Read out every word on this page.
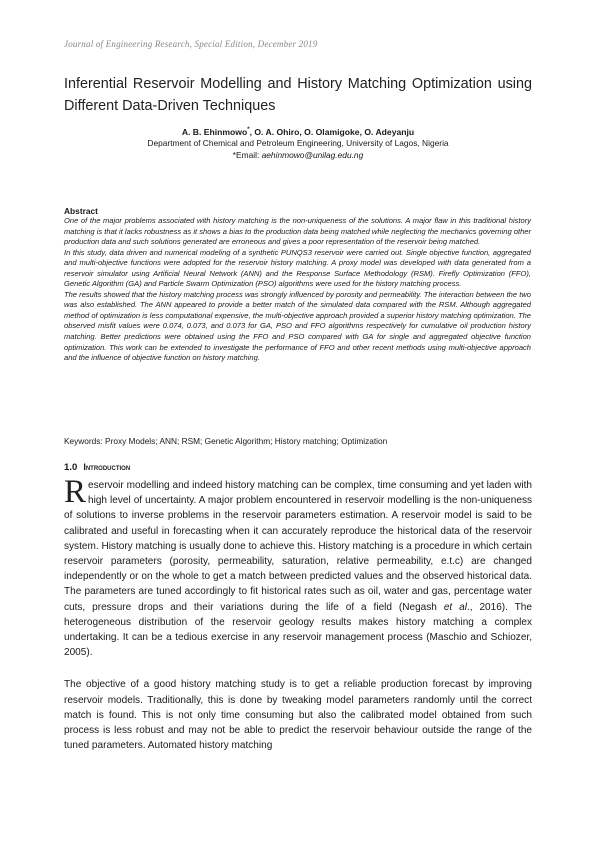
Journal of Engineering Research, Special Edition, December 2019
Inferential Reservoir Modelling and History Matching Optimization using Different Data-Driven Techniques
A. B. Ehinmowo*, O. A. Ohiro, O. Olamigoke, O. Adeyanju
Department of Chemical and Petroleum Engineering, University of Lagos, Nigeria
*Email: aehinmowo@unilag.edu.ng
Abstract

One of the major problems associated with history matching is the non-uniqueness of the solutions. A major flaw in this traditional history matching is that it lacks robustness as it shows a bias to the production data being matched while neglecting the mechanics governing other production data and such solutions generated are erroneous and gives a poor representation of the reservoir being matched.

In this study, data driven and numerical modeling of a synthetic PUNQS3 reservoir were carried out. Single objective function, aggregated and multi-objective functions were adopted for the reservoir history matching. A proxy model was developed with data generated from a reservoir simulator using Artificial Neural Network (ANN) and the Response Surface Methodology (RSM). Firefly Optimization (FFO), Genetic Algorithm (GA) and Particle Swarm Optimization (PSO) algorithms were used for the history matching process.

The results showed that the history matching process was strongly influenced by porosity and permeability. The interaction between the two was also established. The ANN appeared to provide a better match of the simulated data compared with the RSM. Although aggregated method of optimization is less computational expensive, the multi-objective approach provided a superior history matching optimization. The observed misfit values were 0.074, 0.073, and 0.073 for GA, PSO and FFO algorithms respectively for cumulative oil production history matching. Better predictions were obtained using the FFO and PSO compared with GA for single and aggregated objective function optimization. This work can be extended to investigate the performance of FFO and other recent methods using multi-objective approach and the influence of objective function on history matching.

Keywords: Proxy Models; ANN; RSM; Genetic Algorithm; History matching; Optimization
1.0 Introduction

Reservoir modelling and indeed history matching can be complex, time consuming and yet laden with high level of uncertainty. A major problem encountered in reservoir modelling is the non-uniqueness of solutions to inverse problems in the reservoir parameters estimation. A reservoir model is said to be calibrated and useful in forecasting when it can accurately reproduce the historical data of the reservoir system. History matching is usually done to achieve this. History matching is a procedure in which certain reservoir parameters (porosity, permeability, saturation, relative permeability, e.t.c) are changed independently or on the whole to get a match between predicted values and the observed historical data. The parameters are tuned accordingly to fit historical rates such as oil, water and gas, percentage water cuts, pressure drops and their variations during the life of a field (Negash et al., 2016). The heterogeneous distribution of the reservoir geology results makes history matching a complex undertaking. It can be a tedious exercise in any reservoir management process (Maschio and Schiozer, 2005).

The objective of a good history matching study is to get a reliable production forecast by improving reservoir models. Traditionally, this is done by tweaking model parameters randomly until the correct match is found. This is not only time consuming but also the calibrated model obtained from such process is less robust and may not be able to predict the reservoir behaviour outside the range of the tuned parameters. Automated history matching
